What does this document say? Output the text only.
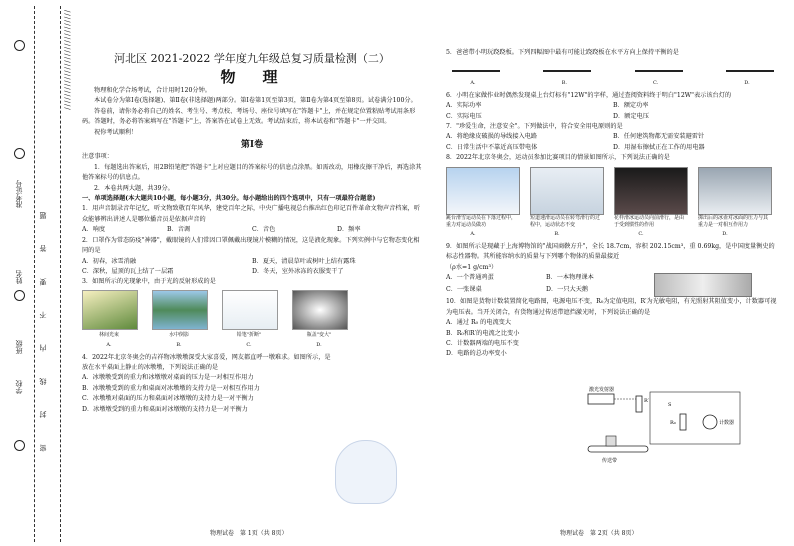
学校
班级
姓名
准考证号
密 封 线 内 不 要 答 题
//////////////////////////////	河北区 2021-2022 学年度九年级总复习质量检测（二）
物　理

物理和化学合场考试，合计用时120分钟。

本试卷分为第Ⅰ卷(选择题)、第Ⅱ卷(非选择题)两部分。第Ⅰ卷第1页至第3页，第Ⅱ卷为第4页至第8页。试卷满分100分。

答卷前，请你务必将自己的姓名、考生号、考点校、考场号、座位号填写在"答题卡"上，并在规定位置粘贴考试用条形码。答题时，务必将答案填写在"答题卡"上，答案答在试卷上无效。考试结束后，将本试卷和"答题卡"一并交回。

祝你考试顺利！

第Ⅰ卷

注意事项：

1．每题选出答案后，用2B铅笔把"答题卡"上对应题目的答案标号的信息点涂黑。如需改动，用橡皮擦干净后，再选涂其他答案标号的信息点。

2．本卷共两大题，共39分。

一、单项选择题(本大题共10小题，每小题3分，共30分。每小题给出的四个选项中，只有一项最符合题意)

1．用声音制录音年记忆，听文物致敬百年风华，建党百年之际，中央广播电视总台推出红色印记百件革命文物声音档案，听众能够辨出讲述人是哪位播音员是依据声音的

A．响度	B．音调	C．音色	D．频率

2．口罩作为常态防疫"神器"，戴眼镜的人们常因口罩佩戴出现镜片模糊的情况，这是液化现象。下列实例中与它物态变化相同的是

A．初春，冰雪消融	B．夏天，清晨草叶或树叶上结有露珠
C．深秋，屋顶的瓦上结了一层霜	D．冬天，室外冰冻的衣服变干了

3．如图所示的光现象中，由于光的反射形成的是

林间光束
A.
水中倒影
B.
铅笔"折断"
C.
瓶盖"变大"
D.

4．2022年北京冬奥会的吉祥物冰墩墩深受大家喜爱，网友都直呼一墩难求。如图所示，是放在水平桌面上静止的冰墩墩，下列说法正确的是

A．冰墩墩受到的重力和冰墩墩对桌面的压力是一对相互作用力

B．冰墩墩受到的重力和桌面对冰墩墩的支持力是一对相互作用力

C．冰墩墩对桌面的压力和桌面对冰墩墩的支持力是一对平衡力

D．冰墩墩受到的重力和桌面对冰墩墩的支持力是一对平衡力

物理试卷　第 1页（共 8页）

5．爸爸带小明玩跷跷板。下列四幅图中最有可能让跷跷板在水平方向上保持平衡的是

A.	B.	C.	D.

6．小明在家做作业时偶然发现桌上台灯标有"12W"的字样，通过查阅资料终于明白"12W"表示该台灯的

A．实际功率	B．额定功率
C．实际电压	D．额定电压

7．"珍爱生命，注意安全"。下列做法中，符合安全用电原则的是

A．将绝缘皮破损的导线接入电路	B．任何建筑物都无需安装避雷针
C．日常生活中不靠近高压带电体	D．用湿布擦拭正在工作的用电器

8．2022年北京冬奥会，运动员参加比赛项目的情景如图所示，下列说法正确的是

跳台滑雪运动员在下落过程中，重力对运动员做功
A.
短道速滑运动员在转弯滑行的过程中，运动状态不变
B.
花样滑冰运动员向前滑行，是由于受到惯性的作用
C.
掷出后的冰壶对冰面的压力与其重力是一对相互作用力
D.

9．如图所示是现藏于上海博物馆的"战国商鞅方升"，全长 18.7cm，容积 202.15cm³，重 0.69kg，是中国度量衡史的标志性器物。其所能容纳水的质量与下列哪个物体的质量最接近

（ρ水=1 g/cm³）

A．一个普通鸡蛋	B．一本物理课本
C．一张课桌	D．一只大天鹅

10．如图是货物计数装置简化电路图，电源电压不变，R₀为定值电阻，R′为光敏电阻，有光照射其阻值变小，计数器可视为电压表。当开关闭合，有货物通过传送带遮挡激光时，下列说法正确的是

A．通过 R₀ 的电流变大

B．R₀和R′的电流之比变小

C．计数器两端的电压不变

D．电路的总功率变小

激光发射器
R′
S
R₀	计数器
传送带
物理试卷　第 2页（共 8页）
